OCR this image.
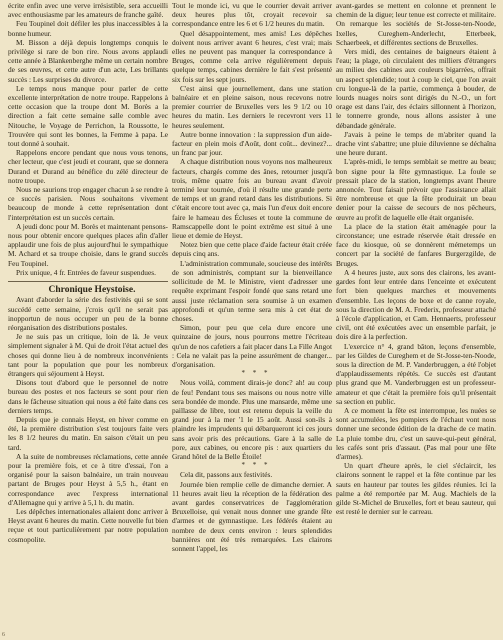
écrite enfin avec une verve irrésistible, sera accueilli avec enthousiasme par les amateurs de franche gaîté.

Feu Toupinel doit défiler les plus inaccessibles à la bonne humeur.

M. Bisson a déjà depuis longtemps conquis le privilège si rare de bon rire. Nous avons applaudi cette année à Blankenberghe même un certain nombre de ses œuvres, et cette autre d'un acte, Les brillants succès : Les surprises du divorce.

Le temps nous manque pour parler de cette excellente interprétation de notre troupe. Rappelons à cette occasion que la troupe dont M. Borès a la direction a fait cette semaine salle comble avec Nitouche, le Voyage de Perrichon, la Roussotte, le Trouvère qui sont les bonnes, la Femme à papa. Le tout donné à souhait.

Rappelons encore pendant que nous vous tenons, cher lecteur, que c'est jeudi et courant, que se donnera Durand et Durand au bénéfice du zélé directeur de notre troupe.

Nous ne saurions trop engager chacun à se rendre à ce succès parisien. Nous souhaitons vivement beaucoup de monde à cette représentation dont l'interprétation est un succès certain.

A jeudi donc pour M. Borès et maintenant pensons-nous pour obtenir encore quelques places afin d'aller applaudir une fois de plus aujourd'hui le sympathique M. Achard et sa troupe choisie, dans le grand succès Feu Toupinel.

Prix unique, 4 fr. Entrées de faveur suspendues.

Chronique Heystoise.

Avant d'aborder la série des festivités qui se sont succédé cette semaine, j'crois qu'il ne serait pas inopportun de nous occuper un peu de la bonne réorganisation des distributions postales.

Je ne suis pas un critique, loin de là. Je veux simplement signaler à M. Qui de droit l'état actuel des choses qui donne lieu à de nombreux inconvénients tant pour la population que pour les nombreux étrangers qui séjournent à Heyst.

Disons tout d'abord que le personnel de notre bureau des postes et nos facteurs se sont pour rien dans le fâcheuse situation qui nous a été faite dans ces derniers temps.

Depuis que je connais Heyst, en hiver comme en été, la première distribution s'est toujours faite vers les 8 1/2 heures du matin. En saison c'était un peu tard.

A la suite de nombreuses réclamations, cette année pour la première fois, et ce à titre d'essai, l'on a organisé pour la saison balnéaire, un train nouveau partant de Bruges pour Heyst à 5,5 h., étant en correspondance avec l'express international d'Allemagne qui y arrive à 5,1 h. du matin.

Les dépêches internationales allaient donc arriver à Heyst avant 6 heures du matin. Cette nouvelle fut bien reçue et tout particulièrement par notre population cosmopolite.

Tout le monde ici, vu que le courrier devait arriver deux heures plus tôt, croyait recevoir sa correspondance entre les 6 et 6 1/2 heures du matin.

Quel désappointement, mes amis! Les dépêches doivent nous arriver avant 6 heures, c'est vrai; mais elles ne peuvent pas manquer la correspondance à Bruges, comme cela arrive régulièrement depuis quelque temps, cabines dernière le fait s'est présenté six fois sur les sept jours.

C'est ainsi que journellement, dans une station balnéaire et en pleine saison, nous recevons notre premier courrier de Bruxelles vers les 9 1/2 ou 10 heures du matin. Les derniers le recevront vers 11 heures seulement.

Autre bonne innovation : la suppression d'un aide-facteur en plein mois d'Août, dont coût... devinez?... un franc par jour.

A chaque distribution nous voyons nos malheureux facteurs, chargés comme des ânes, retourner jusqu'à trois, même quatre fois au bureau avant d'avoir terminé leur tournée, d'où il résulte une grande perte de temps et un grand retard dans les distributions. Si c'était encore tout avec ça, mais l'un d'eux doit encore faire le hameau des Écluses et toute la commune de Ramscappelle dont le point extrême est situé à une lieue et demie de Heyst.

Notez bien que cette place d'aide facteur était créée depuis cinq ans.

L'administration communale, soucieuse des intérêts de son administrés, comptant sur la bienveillance sollicitude de M. le Ministre, vient d'adresser une requête exprimant l'espoir fondé que sans retard une aussi juste réclamation sera soumise à un examen approfondi et qu'un terme sera mis à cet état de choses.

Simon, pour peu que cela dure encore une quinzaine de jours, nous pourrons mettre l'écriteau qu'un de nos cafetiers a fait placer dans La Fille Angot : Cela ne valait pas la peine assurément de changer... d'organisation.

* * *

Nous voilà, comment dirais-je donc? ah! au coup de feu! Pendant tous ses maisons ou nous notre ville sera bondée de monde. Plus une mansarde, même une paillasse de libre, tout est retenu depuis la veille du grand jour à la mer '1 le 15 août. Aussi son-ils à plaindre les imprudents qui débarqueront ici ces jours sans avoir pris des précautions. Gare à la salle de pore, aux cabines, ou encore pis : aux quartiers du Grand hôtel de la Belle Étoile!

* * *

Cela dit, passons aux festivités.

Journée bien remplie celle de dimanche dernier. A 11 heures avait lieu la réception de la fédération des avant gardes conservatrices de l'agglomération Bruxelloise, qui venait nous donner une grande fête d'armes et de gymnastique. Les fédérés étaient au nombre de deux cents environ : leurs splendides bannières ont été très remarquées. Les clairons sonnent l'appel, les

avant-gardes se mettent en colonne et prennent le chemin de la digue; leur tenue est correcte et militaire. On remarque les sociétés de St-Josse-ten-Noode, Ixelles, Cureghem-Anderlecht, Etterbeek, Schaerbeek, et différentes sections de Bruxelles.

Vers midi, des centaines de baigneurs étaient à l'eau; la plage, où circulaient des milliers d'étrangers au milieu des cabines aux couleurs bigarrées, offrait un aspect splendide; tout à coup le ciel, que l'on avait cru longue-là de la partie, commença à bouder, de lourds nuages noirs sont dirigés du N.-O., un fort orage est dans l'air, des éclairs sillonnent à l'horizon, le tonnerre gronde, nous allons assister à une débandade générale.

J'avais à peine le temps de m'abriter quand la drache vint s'abattre; une pluie diluvienne se déchaîna une heure durant.

L'après-midi, le temps semblait se mettre au beau; bon signe pour la fête gymnastique. La foule se pressait place de la station, longtemps avant l'heure annoncée. Tout faisait prévoir que l'assistance allait être nombreuse et que la fête produirait un beau denier pour la caisse de secours de nos pêcheurs, œuvre au profit de laquelle elle était organisée.

La place de la station était aménagée pour la circonstance; une estrade réservée était dressée en face du kiosque, où se donnèrent mémetemps un concert par la société de fanfares Burgerzgilde, de Bruges.

A 4 heures juste, aux sons des clairons, les avant-gardes font leur entrée dans l'enceinte et exécutent fort bien quelques marches et mouvements d'ensemble. Les leçons de boxe et de canne royale, sous la direction de M. A. Frederix, professeur attaché à l'école d'application, et Cam. Hennaerts, professeur civil, ont été exécutées avec un ensemble parfait, je dois dire à la perfection.

L'exercice n° 4, grand bâton, leçons d'ensemble, par les Gildes de Cureghem et de St-Josse-ten-Noode, sous la direction de M. P. Vanderbruggen, a été l'objet d'applaudissements répétés. Ce succès est d'autant plus grand que M. Vanderbruggen est un professeur-amateur et que c'était la première fois qu'il présentait sa section en public.

A ce moment la fête est interrompue, les nuées se sont accumulées, les pompiers de l'échaut vont nous donner une seconde édition de la drache de ce matin. La pluie tombe dru, c'est un sauve-qui-peut général, les cafés sont pris d'assaut. (Pas mal pour une fête d'armes).

Un quart d'heure après, le ciel s'éclaircit, les clairons sonnent le rappel et la fête continue par les sauts en hauteur par toutes les gildes réunies. Ici la palme a été remportée par M. Aug. Machiels de la gilde St-Michel de Bruxelles, fort et beau sauteur, qui est resté le dernier sur le carreau.

6
